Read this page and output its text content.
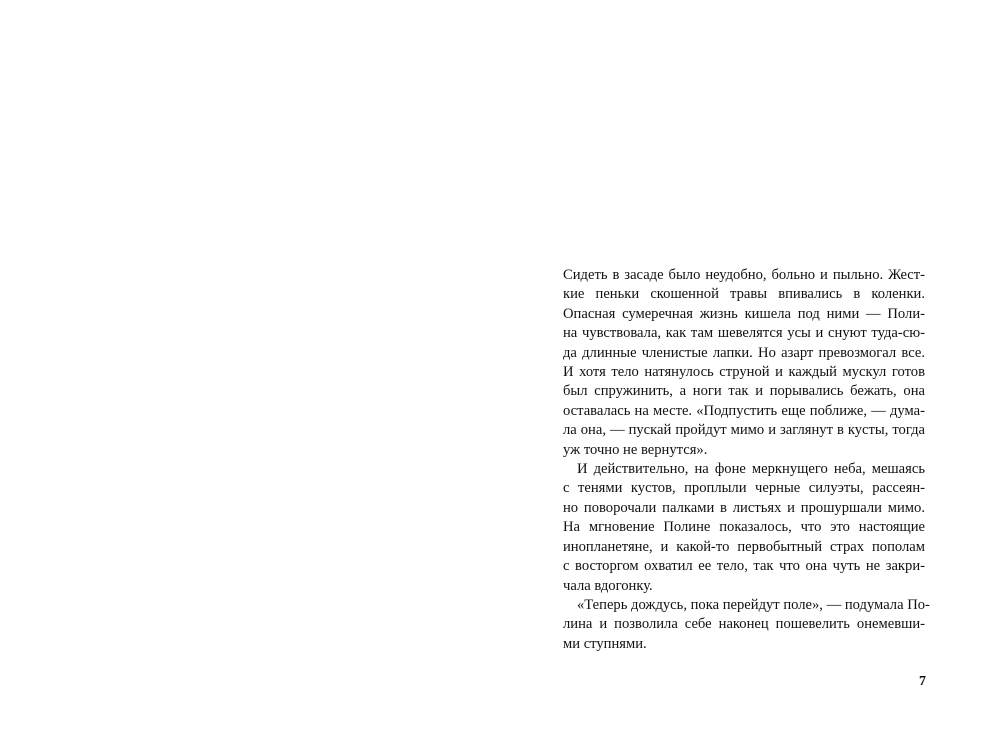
Сидеть в засаде было неудобно, больно и пыльно. Жест-
кие пеньки скошенной травы впивались в коленки.
Опасная сумеречная жизнь кишела под ними — Поли-
на чувствовала, как там шевелятся усы и снуют туда-сю-
да длинные членистые лапки. Но азарт превозмогал все.
И хотя тело натянулось струной и каждый мускул готов
был спружинить, а ноги так и порывались бежать, она
оставалась на месте. «Подпустить еще поближе, — дума-
ла она, — пускай пройдут мимо и заглянут в кусты, тогда
уж точно не вернутся».
И действительно, на фоне меркнущего неба, мешаясь
с тенями кустов, проплыли черные силуэты, рассеян-
но поворочали палками в листьях и прошуршали мимо.
На мгновение Полине показалось, что это настоящие
инопланетяне, и какой-то первобытный страх пополам
с восторгом охватил ее тело, так что она чуть не закри-
чала вдогонку.
«Теперь дождусь, пока перейдут поле», — подумала По-
лина и позволила себе наконец пошевелить онемевши-
ми ступнями.
7
